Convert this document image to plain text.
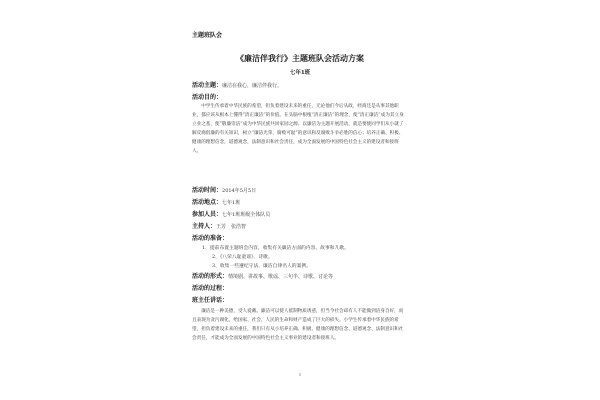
主题班队会
《廉洁伴我行》主题班队会活动方案
七年1班
活动主题：廉洁在我心，廉洁伴我行。
活动目的：
中学生传承着中华民族的希望，担负着建设未来的重任，无论他们今后从政，经商还是从事其他职业，都应该从根本上懂得“清正廉洁”的价值。在头脑中根植“清正廉洁”的理念，使“清正廉洁”成为其立身立业之基，使“敬廉崇洁”成为中华民族共同家园之源。以廉洁为主题开展活动，就是要使同学们从小就了解反腐倡廉的有关知识，树立“廉洁光荣，腐败可耻”的意识和反腐败斗争必胜的信心；培养正确、积极、健康的理想信念，道德观念，法制意识和社会责任，成为全面发展的中国特色社会主义的建设者和接班人。
活动时间：2014年5月5日
活动地点：七年1班
参加人员：七年1班班级全体队员
主持人：王芳　张浩智
活动的准备：
1、提前布置主题班会内容，收集有关廉洁方面的内容、故事和儿歌。
2、《八荣八耻童谣》、诗歌。
3、收集一些遵纪守法、廉洁自律名人的案例。
活动的形式：情境剧、讲故事、歌谣、三句半、诗歌、讨论等
活动的过程：
班主任讲话：
廉洁是一种美德，受人爱戴。廉洁可以使人抵制物质诱惑，但当今社会却有人不能做到洁身自好，而且表现为贪污腐化，给国家、社会、人民的生命和财产造成了巨大的损失。小学生传承着中华民族的希望，担负着建设未来的重任，我们只有从小培养正确、积极、健康的理想信念、道德观念、法制意识和社会责任，才能成为全面发展的中国特色社会主义事业的建设者和接班人。
1
